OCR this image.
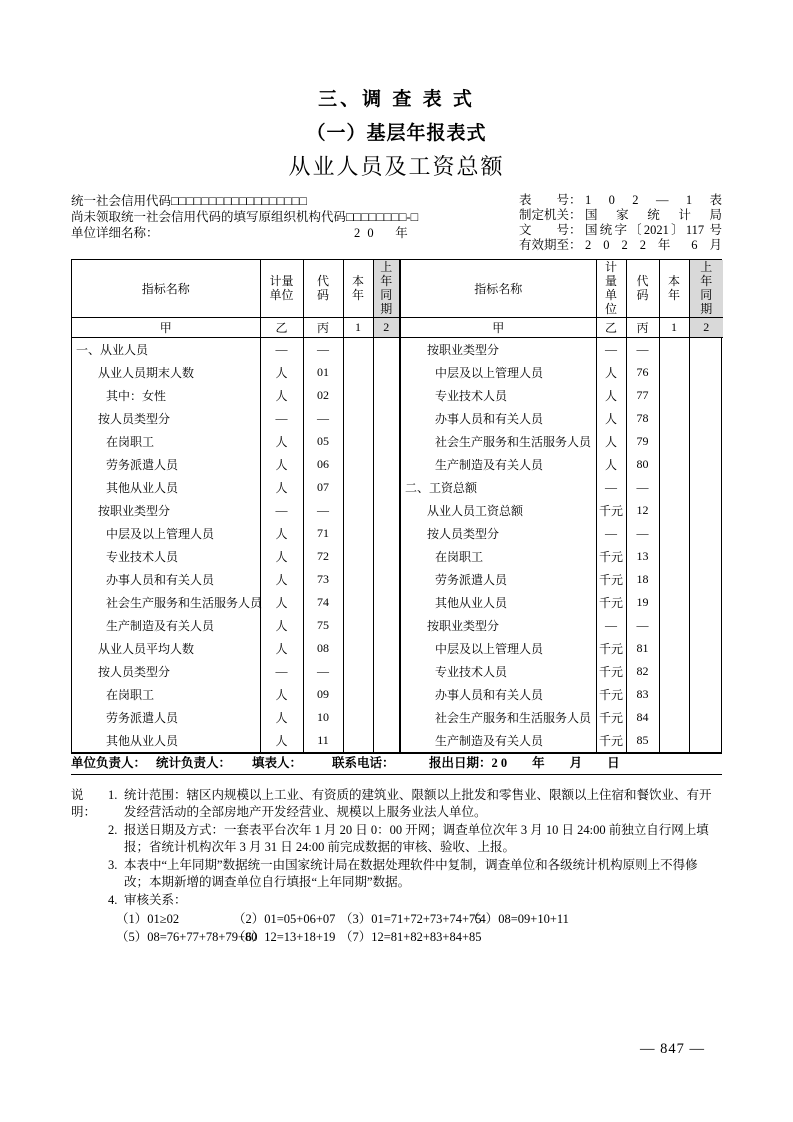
三、调 查 表 式
（一）基层年报表式
从业人员及工资总额
统一社会信用代码□□□□□□□□□□□□□□□□□□
尚未领取统一社会信用代码的填写原组织机构代码□□□□□□□□-□
单位详细名称：	2 0　 年
表　　号： 1 0 2 — 1 表
制定机关： 国 家 统 计 局
文　　号： 国统字〔2021〕117 号
有效期至： 2 0 2 2 年 6 月
指标名称	计量单位	代码	本年	上年同期
甲	乙	丙	1	2
一、从业人员	—	—		
从业人员期末人数	人	01		
其中：女性	人	02		
按人员类型分	—	—		
在岗职工	人	05		
劳务派遣人员	人	06		
其他从业人员	人	07		
按职业类型分	—	—		
中层及以上管理人员	人	71		
专业技术人员	人	72		
办事人员和有关人员	人	73		
社会生产服务和生活服务人员	人	74		
生产制造及有关人员	人	75		
从业人员平均人数	人	08		
按人员类型分	—	—		
在岗职工	人	09		
劳务派遣人员	人	10		
其他从业人员	人	11		
指标名称	计量单位	代码	本年	上年同期
甲	乙	丙	1	2
按职业类型分	—	—		
中层及以上管理人员	人	76		
专业技术人员	人	77		
办事人员和有关人员	人	78		
社会生产服务和生活服务人员	人	79		
生产制造及有关人员	人	80		
二、工资总额	—	—		
从业人员工资总额	千元	12		
按人员类型分	—	—		
在岗职工	千元	13		
劳务派遣人员	千元	18		
其他从业人员	千元	19		
按职业类型分	—	—		
中层及以上管理人员	千元	81		
专业技术人员	千元	82		
办事人员和有关人员	千元	83		
社会生产服务和生活服务人员	千元	84		
生产制造及有关人员	千元	85		
单位负责人： 统计负责人： 填表人： 联系电话：	报出日期：2 0　　年　　月　　日
说明：
1. 统计范围：辖区内规模以上工业、有资质的建筑业、限额以上批发和零售业、限额以上住宿和餐饮业、有开发经营活动的全部房地产开发经营业、规模以上服务业法人单位。
2. 报送日期及方式：一套表平台次年 1 月 20 日 0：00 开网；调查单位次年 3 月 10 日 24:00 前独立自行网上填报；省统计机构次年 3 月 31 日 24:00 前完成数据的审核、验收、上报。
3. 本表中“上年同期”数据统一由国家统计局在数据处理软件中复制，调查单位和各级统计机构原则上不得修改；本期新增的调查单位自行填报“上年同期”数据。
4. 审核关系：
（1）01≥02	（2）01=05+06+07 （3）01=71+72+73+74+75
（4）08=09+10+11
（5）08=76+77+78+79+80
（6）12=13+18+19 （7）12=81+82+83+84+85
— 847 —
